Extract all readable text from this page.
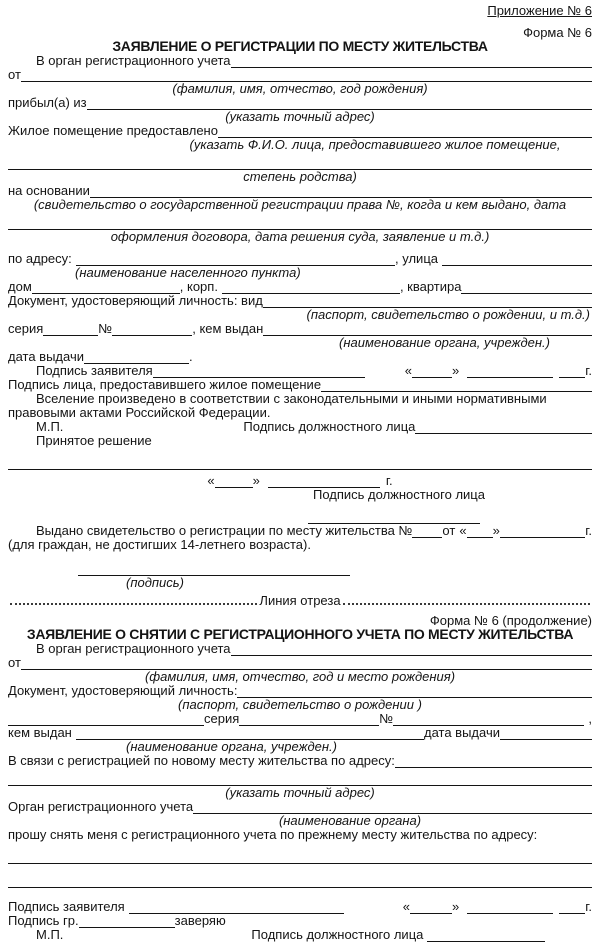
Приложение № 6
Форма № 6
ЗАЯВЛЕНИЕ О РЕГИСТРАЦИИ ПО МЕСТУ ЖИТЕЛЬСТВА
В орган регистрационного учета
от
(фамилия, имя, отчество, год рождения)
прибыл(а) из
(указать точный адрес)
Жилое помещение предоставлено
(указать Ф.И.О. лица, предоставившего жилое помещение,
степень родства)
на основании
(свидетельство о государственной регистрации права №, когда и кем выдано, дата
оформления договора, дата решения суда, заявление и т.д.)
по адресу:	, улица
(наименование населенного пункта)
дом	, корп.	, квартира
Документ, удостоверяющий личность: вид
(паспорт, свидетельство о рождении, и т.д.)
серия	№	, кем выдан
(наименование органа, учрежден.)
дата выдачи	.
Подпись заявителя	«	»	г.
Подпись лица, предоставившего жилое помещение
Вселение произведено в соответствии с законодательными и иными нормативными
правовыми актами Российской Федерации.
М.П.	Подпись должностного лица
Принятое решение
«	»	г.
Подпись должностного лица
Выдано свидетельство о регистрации по месту жительства № от « »	г.
(для граждан, не достигших 14-летнего возраста).
(подпись)
Линия отреза
Форма № 6 (продолжение)
ЗАЯВЛЕНИЕ О СНЯТИИ С РЕГИСТРАЦИОННОГО УЧЕТА ПО МЕСТУ ЖИТЕЛЬСТВА
В орган регистрационного учета
от
(фамилия, имя, отчество, год и место рождения)
Документ, удостоверяющий личность:
(паспорт, свидетельство о рождении )
серия	№	,
кем выдан	дата выдачи
(наименование органа, учрежден.)
В связи с регистрацией по новому месту жительства по адресу:
(указать точный адрес)
Орган регистрационного учета
(наименование органа)
прошу снять меня с регистрационного учета по прежнему месту жительства по адресу:
Подпись заявителя	«	»	г.
Подпись гр.	заверяю
М.П.	Подпись должностного лица
